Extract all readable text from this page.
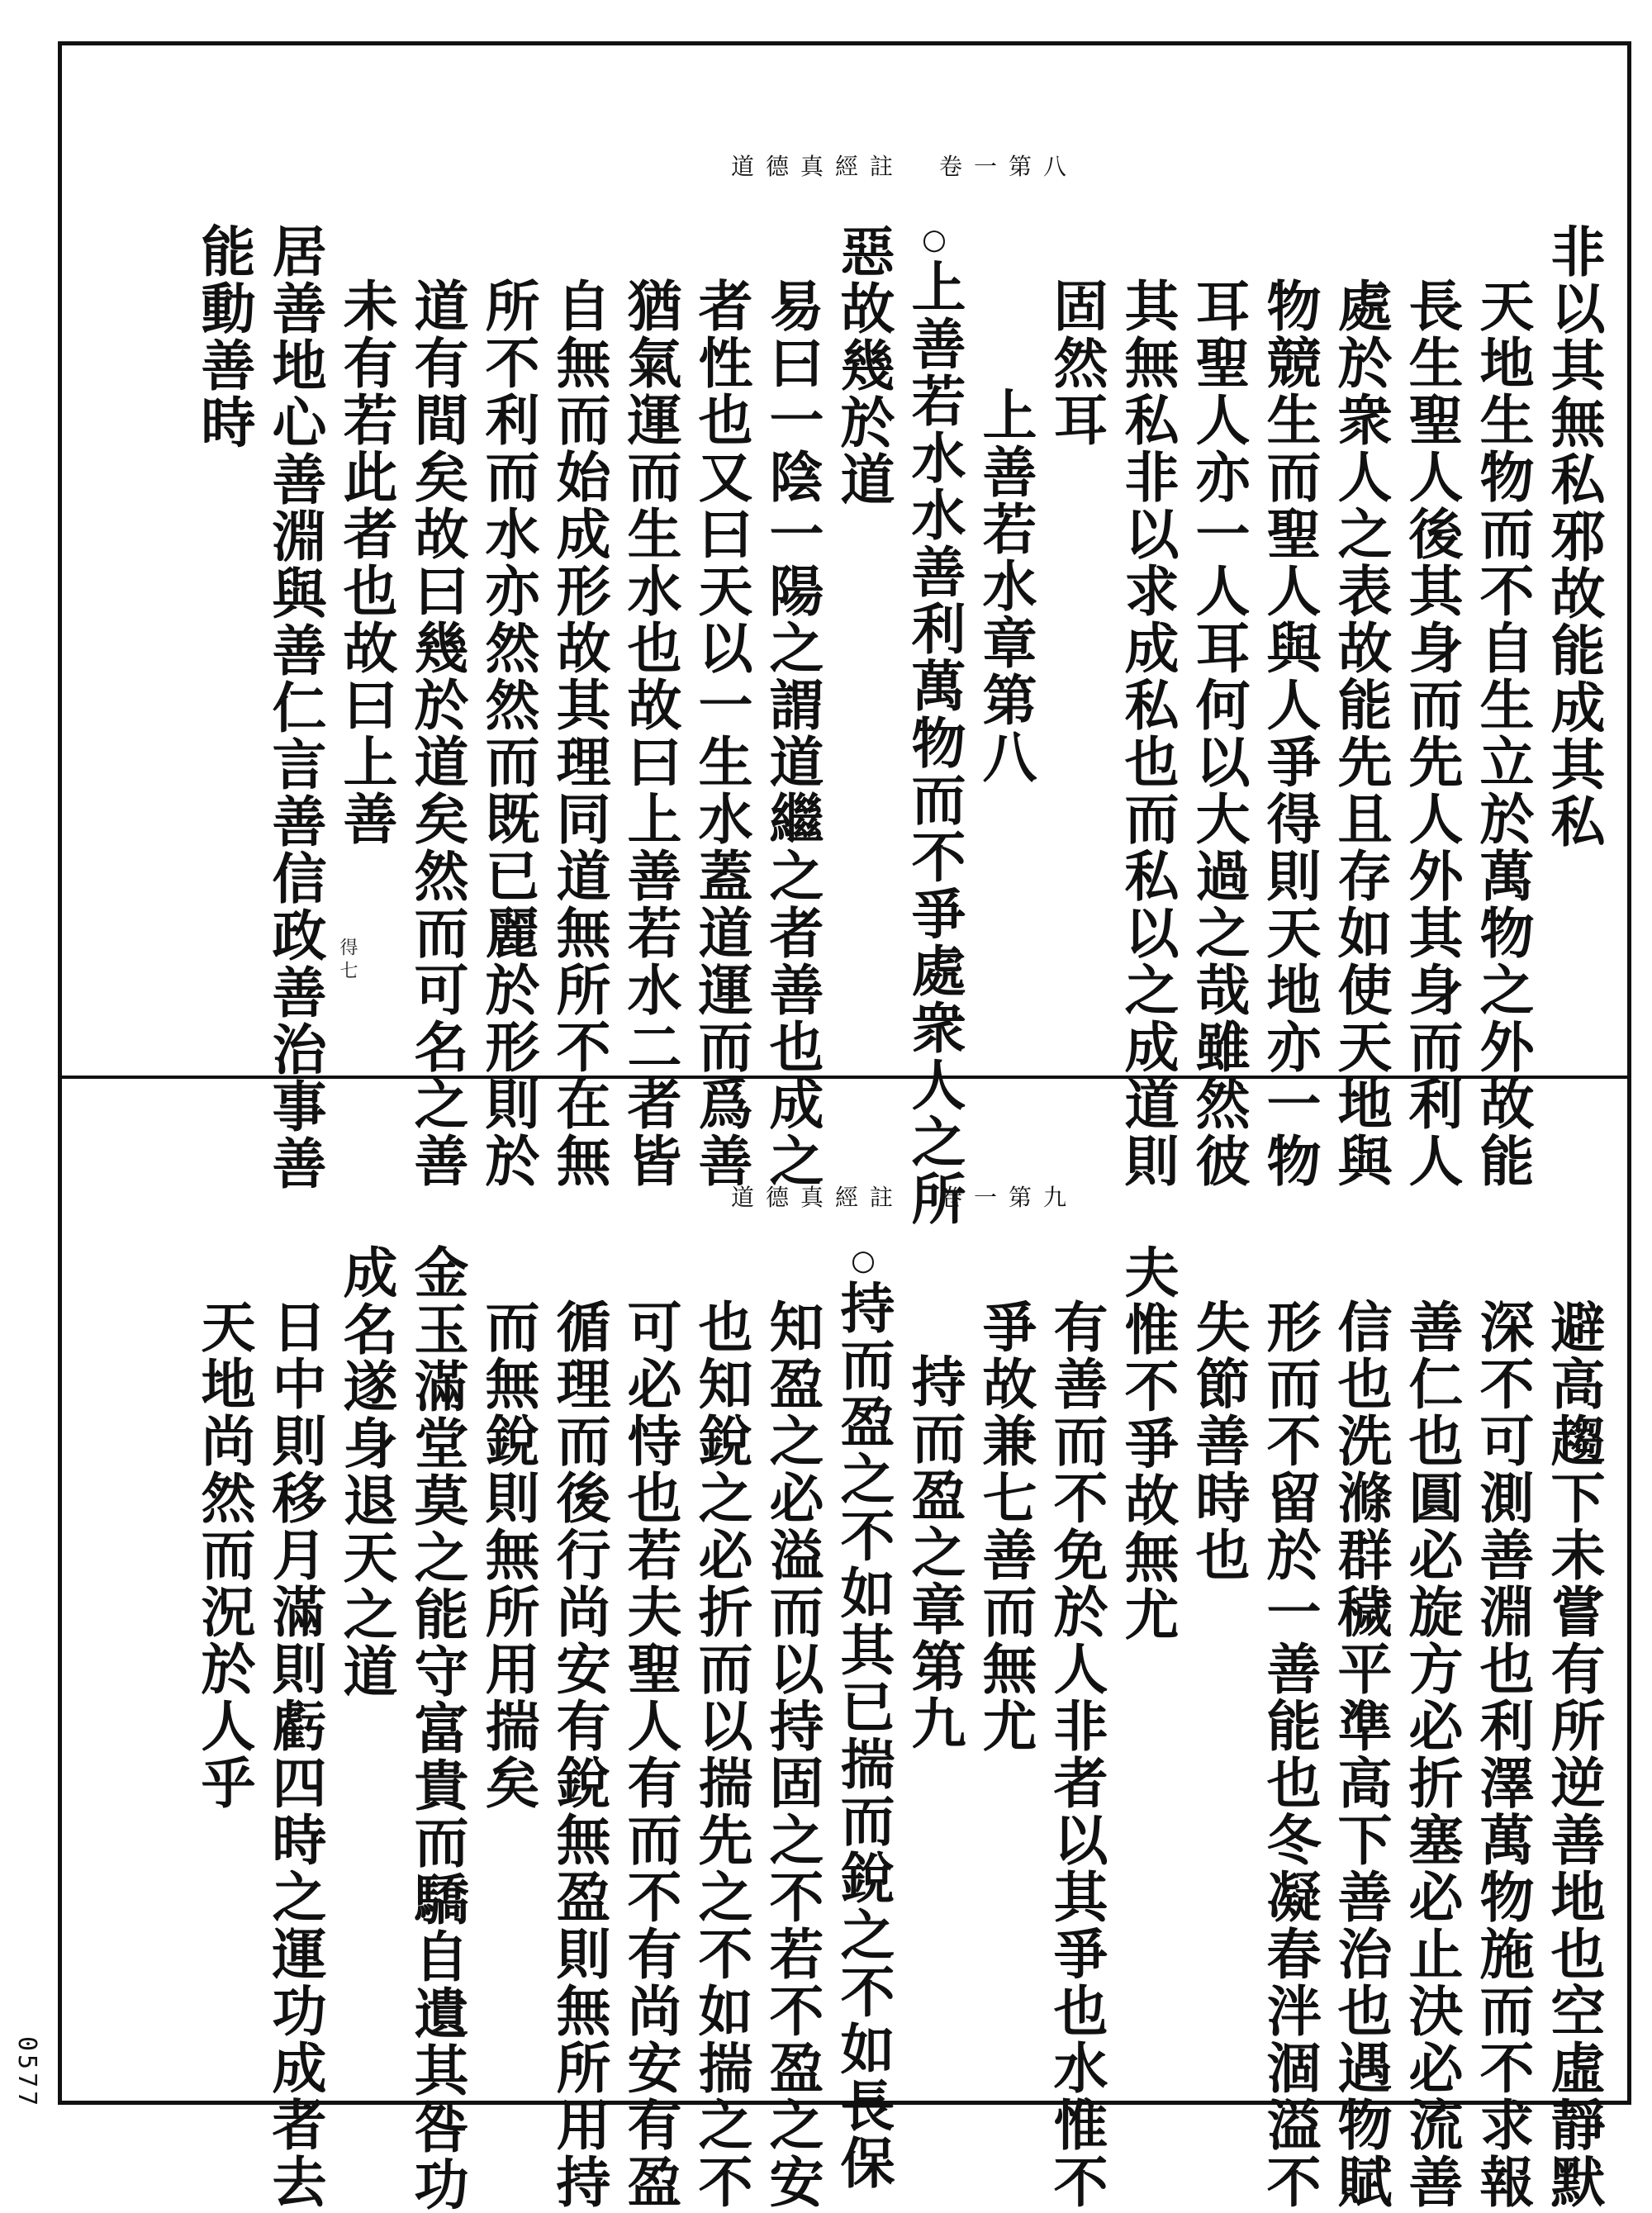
道德真經註　卷一第八
得七

非以其無私邪故能成其私

天地生物而不自生立於萬物之外故能

長生聖人後其身而先人外其身而利人

處於衆人之表故能先且存如使天地與

物競生而聖人與人爭得則天地亦一物

耳聖人亦一人耳何以大過之哉雖然彼

其無私非以求成私也而私以之成道則

固然耳

上善若水章第八

○上善若水水善利萬物而不爭處衆人之所

惡故幾於道

易曰一陰一陽之謂道繼之者善也成之

者性也又曰天以一生水蓋道運而爲善

猶氣運而生水也故曰上善若水二者皆

自無而始成形故其理同道無所不在無

所不利而水亦然然而既已麗於形則於

道有間矣故曰幾於道矣然而可名之善

未有若此者也故曰上善

居善地心善淵與善仁言善信政善治事善

能動善時

道德真經註　卷一第九

避高趨下未嘗有所逆善地也空虛靜默

深不可測善淵也利澤萬物施而不求報

善仁也圓必旋方必折塞必止決必流善

信也洗滌群穢平準高下善治也遇物賦

形而不留於一善能也冬凝春泮涸溢不

失節善時也

夫惟不爭故無尤

有善而不免於人非者以其爭也水惟不

爭故兼七善而無尤

持而盈之章第九

○持而盈之不如其已揣而銳之不如長保

知盈之必溢而以持固之不若不盈之安

也知銳之必折而以揣先之不如揣之不

可必恃也若夫聖人有而不有尚安有盈

循理而後行尚安有銳無盈則無所用持

而無銳則無所用揣矣

金玉滿堂莫之能守富貴而驕自遺其咎功

成名遂身退天之道

日中則移月滿則虧四時之運功成者去

天地尚然而況於人乎

0577
